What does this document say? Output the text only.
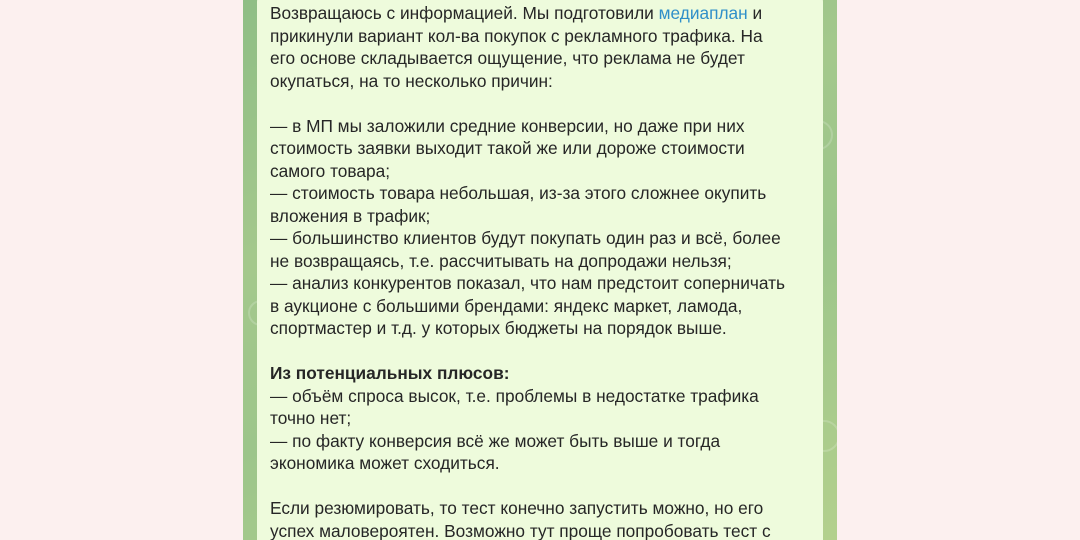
Возвращаюсь с информацией. Мы подготовили медиаплан и
прикинули вариант кол-ва покупок с рекламного трафика. На
его основе складывается ощущение, что реклама не будет
окупаться, на то несколько причин:
— в МП мы заложили средние конверсии, но даже при них
стоимость заявки выходит такой же или дороже стоимости
самого товара;
— стоимость товара небольшая, из-за этого сложнее окупить
вложения в трафик;
— большинство клиентов будут покупать один раз и всё, более
не возвращаясь, т.е. рассчитывать на допродажи нельзя;
— анализ конкурентов показал, что нам предстоит соперничать
в аукционе с большими брендами: яндекс маркет, ламода,
спортмастер и т.д. у которых бюджеты на порядок выше.
Из потенциальных плюсов:
— объём спроса высок, т.е. проблемы в недостатке трафика
точно нет;
— по факту конверсия всё же может быть выше и тогда
экономика может сходиться.
Если резюмировать, то тест конечно запустить можно, но его
успех маловероятен. Возможно тут проще попробовать тест с
